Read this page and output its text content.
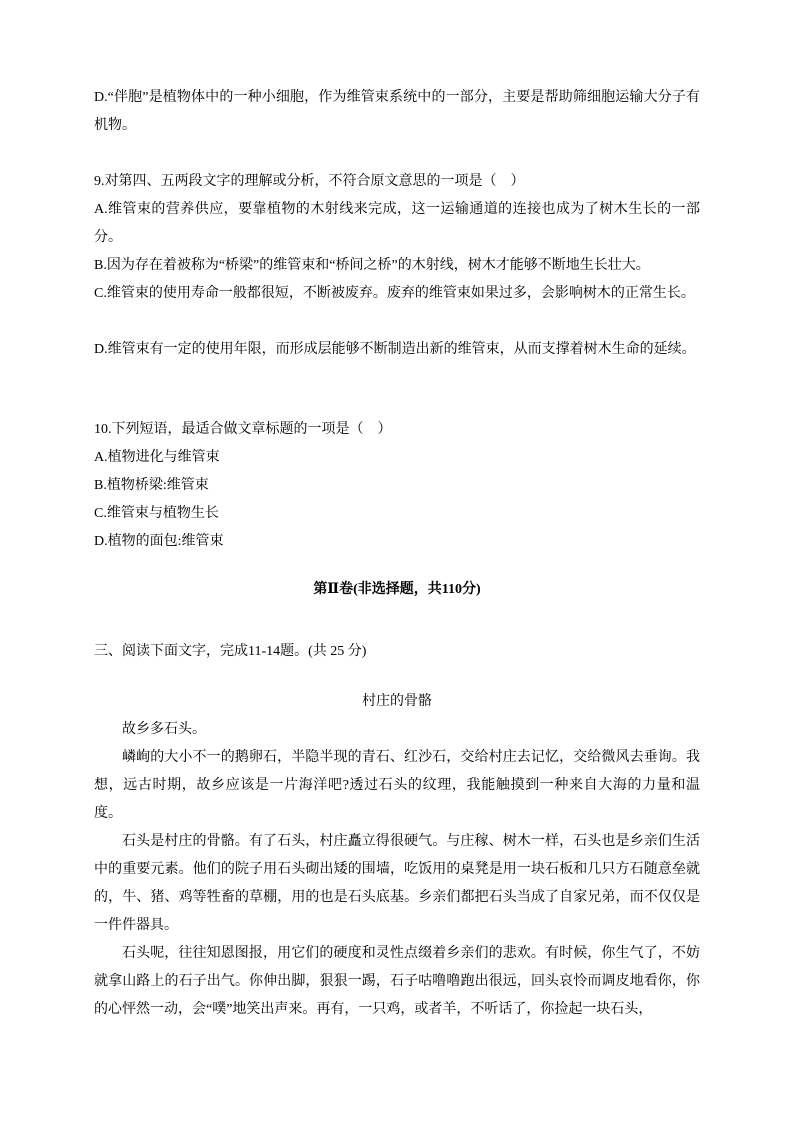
D.“伴胞”是植物体中的一种小细胞，作为维管束系统中的一部分，主要是帮助筛细胞运输大分子有机物。

9.对第四、五两段文字的理解或分析，不符合原文意思的一项是（　）

A.维管束的营养供应，要靠植物的木射线来完成，这一运输通道的连接也成为了树木生长的一部分。

B.因为存在着被称为“桥梁”的维管束和“桥间之桥”的木射线，树木才能够不断地生长壮大。

C.维管束的使用寿命一般都很短，不断被废弃。废弃的维管束如果过多，会影响树木的正常生长。

D.维管束有一定的使用年限，而形成层能够不断制造出新的维管束，从而支撑着树木生命的延续。

10.下列短语，最适合做文章标题的一项是（　）

A.植物进化与维管束

B.植物桥梁:维管束

C.维管束与植物生长

D.植物的面包:维管束

第Ⅱ卷(非选择题，共110分)

三、阅读下面文字，完成11-14题。(共 25 分)

村庄的骨骼

故乡多石头。

嶙峋的大小不一的鹅卵石，半隐半现的青石、红沙石，交给村庄去记忆，交给微风去垂询。我想，远古时期，故乡应该是一片海洋吧?透过石头的纹理，我能触摸到一种来自大海的力量和温度。

石头是村庄的骨骼。有了石头，村庄矗立得很硬气。与庄稼、树木一样，石头也是乡亲们生活中的重要元素。他们的院子用石头砌出矮的围墙，吃饭用的桌凳是用一块石板和几只方石随意垒就的，牛、猪、鸡等牲畜的草棚，用的也是石头底基。乡亲们都把石头当成了自家兄弟，而不仅仅是一件件器具。

石头呢，往往知恩图报，用它们的硬度和灵性点缀着乡亲们的悲欢。有时候，你生气了，不妨就拿山路上的石子出气。你伸出脚，狠狠一踢，石子咕噜噜跑出很远，回头哀怜而调皮地看你，你的心怦然一动，会“噗”地笑出声来。再有，一只鸡，或者羊，不听话了，你捡起一块石头，
